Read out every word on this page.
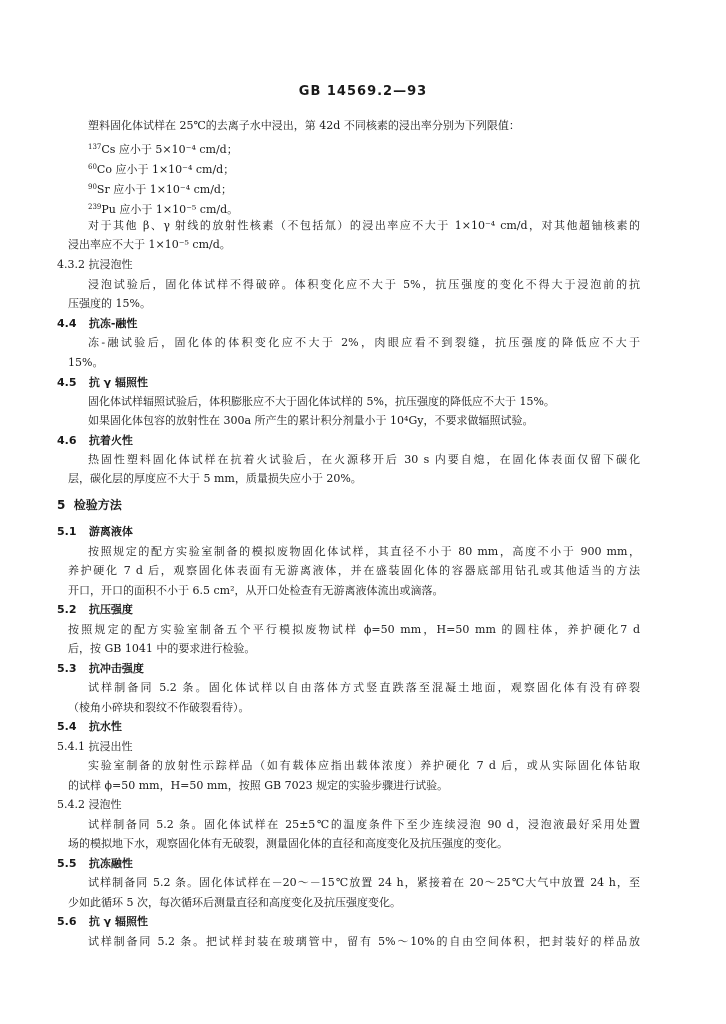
GB 14569.2—93
塑料固化体试样在 25℃的去离子水中浸出，第 42d 不同核素的浸出率分别为下列限值：
$^{137}$Cs 应小于 5×10⁻⁴ cm/d；
$^{60}$Co 应小于 1×10⁻⁴ cm/d；
$^{90}$Sr 应小于 1×10⁻⁴ cm/d；
$^{239}$Pu 应小于 1×10⁻⁵ cm/d。
对于其他 β、γ 射线的放射性核素（不包括氚）的浸出率应不大于 1×10⁻⁴ cm/d，对其他超铀核素的
浸出率应不大于 1×10⁻⁵ cm/d。
4.3.2 抗浸泡性
浸泡试验后，固化体试样不得破碎。体积变化应不大于 5%，抗压强度的变化不得大于浸泡前的抗
压强度的 15%。
4.4 抗冻-融性
冻-融试验后，固化体的体积变化应不大于 2%，肉眼应看不到裂缝，抗压强度的降低应不大于
15%。
4.5 抗 γ 辐照性
固化体试样辐照试验后，体积膨胀应不大于固化体试样的 5%，抗压强度的降低应不大于 15%。
如果固化体包容的放射性在 300a 所产生的累计积分剂量小于 10⁴Gy，不要求做辐照试验。
4.6 抗着火性
热固性塑料固化体试样在抗着火试验后，在火源移开后 30 s 内要自熄，在固化体表面仅留下碳化
层，碳化层的厚度应不大于 5 mm，质量损失应小于 20%。
5 检验方法
5.1 游离液体
按照规定的配方实验室制备的模拟废物固化体试样，其直径不小于 80 mm，高度不小于 900 mm，
养护硬化 7 d 后，观察固化体表面有无游离液体，并在盛装固化体的容器底部用钻孔或其他适当的方法
开口，开口的面积不小于 6.5 cm²，从开口处检查有无游离液体流出或滴落。
5.2 抗压强度
按照规定的配方实验室制备五个平行模拟废物试样 ϕ=50 mm，H=50 mm 的圆柱体，养护硬化7 d
后，按 GB 1041 中的要求进行检验。
5.3 抗冲击强度
试样制备同 5.2 条。固化体试样以自由落体方式竖直跌落至混凝土地面，观察固化体有没有碎裂
（棱角小碎块和裂纹不作破裂看待）。
5.4 抗水性
5.4.1 抗浸出性
实验室制备的放射性示踪样品（如有载体应指出载体浓度）养护硬化 7 d 后，或从实际固化体钻取
的试样 ϕ=50 mm，H=50 mm，按照 GB 7023 规定的实验步骤进行试验。
5.4.2 浸泡性
试样制备同 5.2 条。固化体试样在 25±5℃的温度条件下至少连续浸泡 90 d，浸泡液最好采用处置
场的模拟地下水，观察固化体有无破裂，测量固化体的直径和高度变化及抗压强度的变化。
5.5 抗冻融性
试样制备同 5.2 条。固化体试样在－20～－15℃放置 24 h，紧接着在 20～25℃大气中放置 24 h，至
少如此循环 5 次，每次循环后测量直径和高度变化及抗压强度变化。
5.6 抗 γ 辐照性
试样制备同 5.2 条。把试样封装在玻璃管中，留有 5%～10%的自由空间体积，把封装好的样品放
